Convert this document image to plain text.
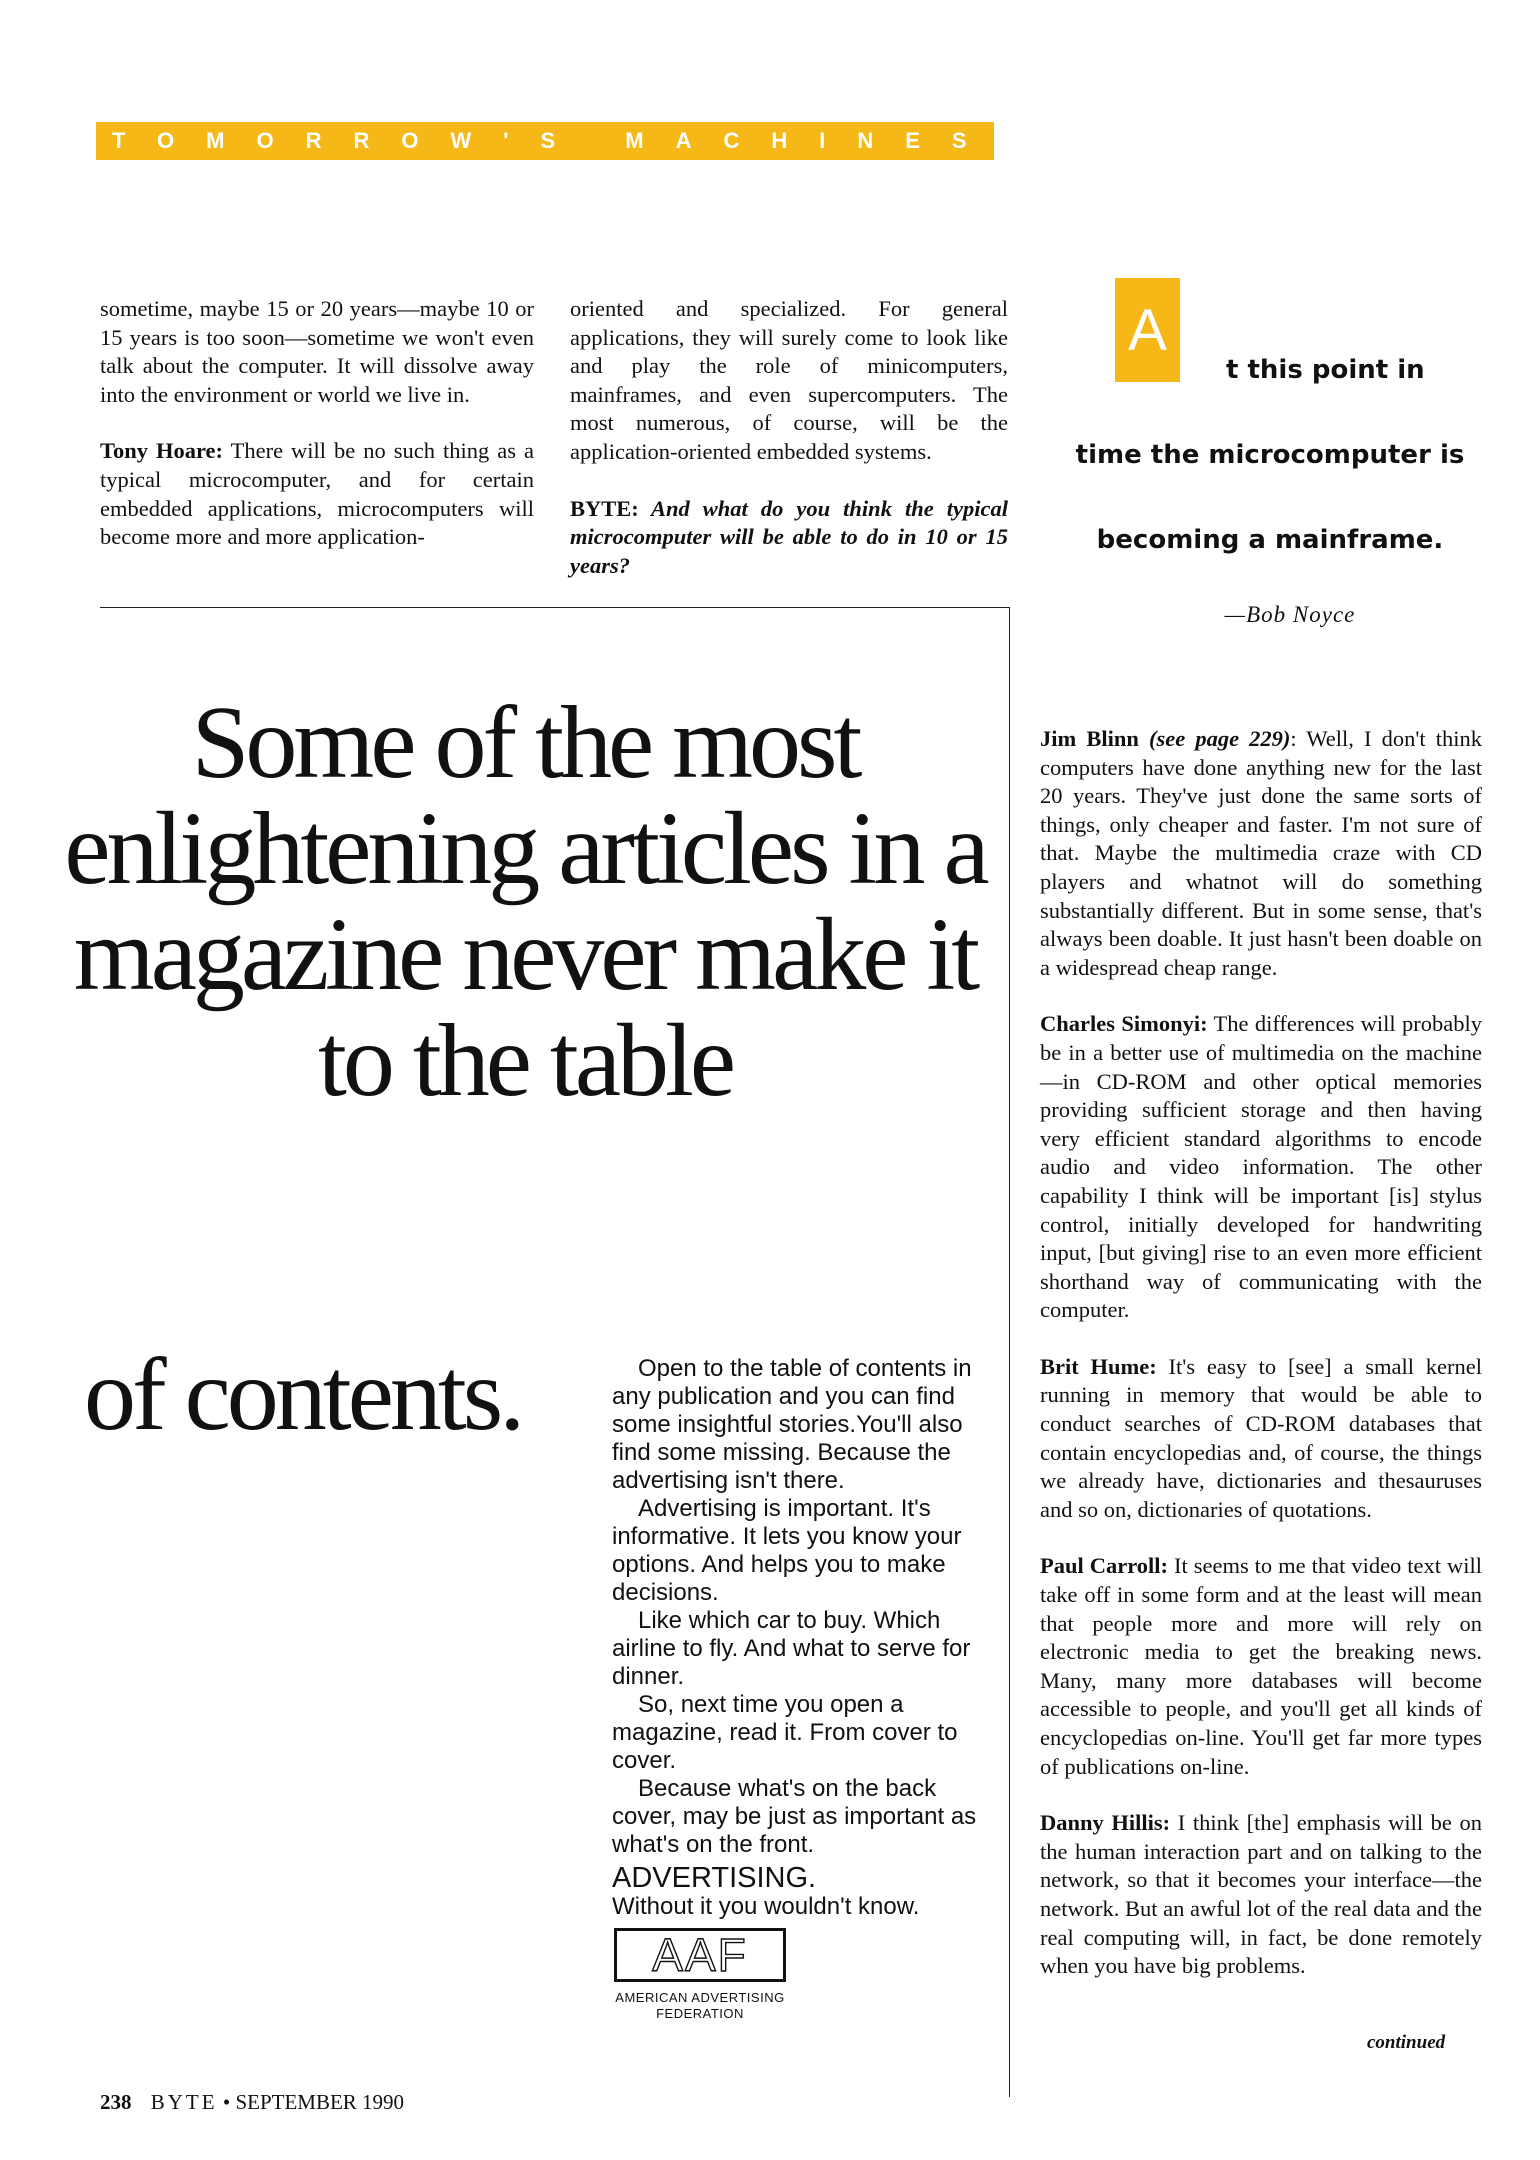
TOMORROW'S MACHINES

sometime, maybe 15 or 20 years—maybe 10 or 15 years is too soon—sometime we won't even talk about the computer. It will dissolve away into the environment or world we live in.

Tony Hoare: There will be no such thing as a typical microcomputer, and for certain embedded applications, microcomputers will become more and more application-

oriented and specialized. For general applications, they will surely come to look like and play the role of minicomputers, mainframes, and even supercomputers. The most numerous, of course, will be the application-oriented embedded systems.

BYTE: And what do you think the typical microcomputer will be able to do in 10 or 15 years?

A
t this point in
time the microcomputer is
becoming a mainframe.
—Bob Noyce
Some of the most enlightening articles in a magazine never make it to the table
of contents.	Open to the table of contents in any publication and you can find some insightful stories.You'll also find some missing. Because the advertising isn't there.

Advertising is important. It's informative. It lets you know your options. And helps you to make decisions.

Like which car to buy. Which airline to fly. And what to serve for dinner.

So, next time you open a magazine, read it. From cover to cover.

Because what's on the back cover, may be just as important as what's on the front.

ADVERTISING.
Without it you wouldn't know.
AAF
AMERICAN ADVERTISING
FEDERATION

Jim Blinn (see page 229): Well, I don't think computers have done anything new for the last 20 years. They've just done the same sorts of things, only cheaper and faster. I'm not sure of that. Maybe the multimedia craze with CD players and whatnot will do something substantially different. But in some sense, that's always been doable. It just hasn't been doable on a widespread cheap range.

Charles Simonyi: The differences will probably be in a better use of multimedia on the machine—in CD-ROM and other optical memories providing sufficient storage and then having very efficient standard algorithms to encode audio and video information. The other capability I think will be important [is] stylus control, initially developed for handwriting input, [but giving] rise to an even more efficient shorthand way of communicating with the computer.

Brit Hume: It's easy to [see] a small kernel running in memory that would be able to conduct searches of CD-ROM databases that contain encyclopedias and, of course, the things we already have, dictionaries and thesauruses and so on, dictionaries of quotations.

Paul Carroll: It seems to me that video text will take off in some form and at the least will mean that people more and more will rely on electronic media to get the breaking news. Many, many more databases will become accessible to people, and you'll get all kinds of encyclopedias on-line. You'll get far more types of publications on-line.

Danny Hillis: I think [the] emphasis will be on the human interaction part and on talking to the network, so that it becomes your interface—the network. But an awful lot of the real data and the real computing will, in fact, be done remotely when you have big problems.

continued
238 BYTE • SEPTEMBER 1990
